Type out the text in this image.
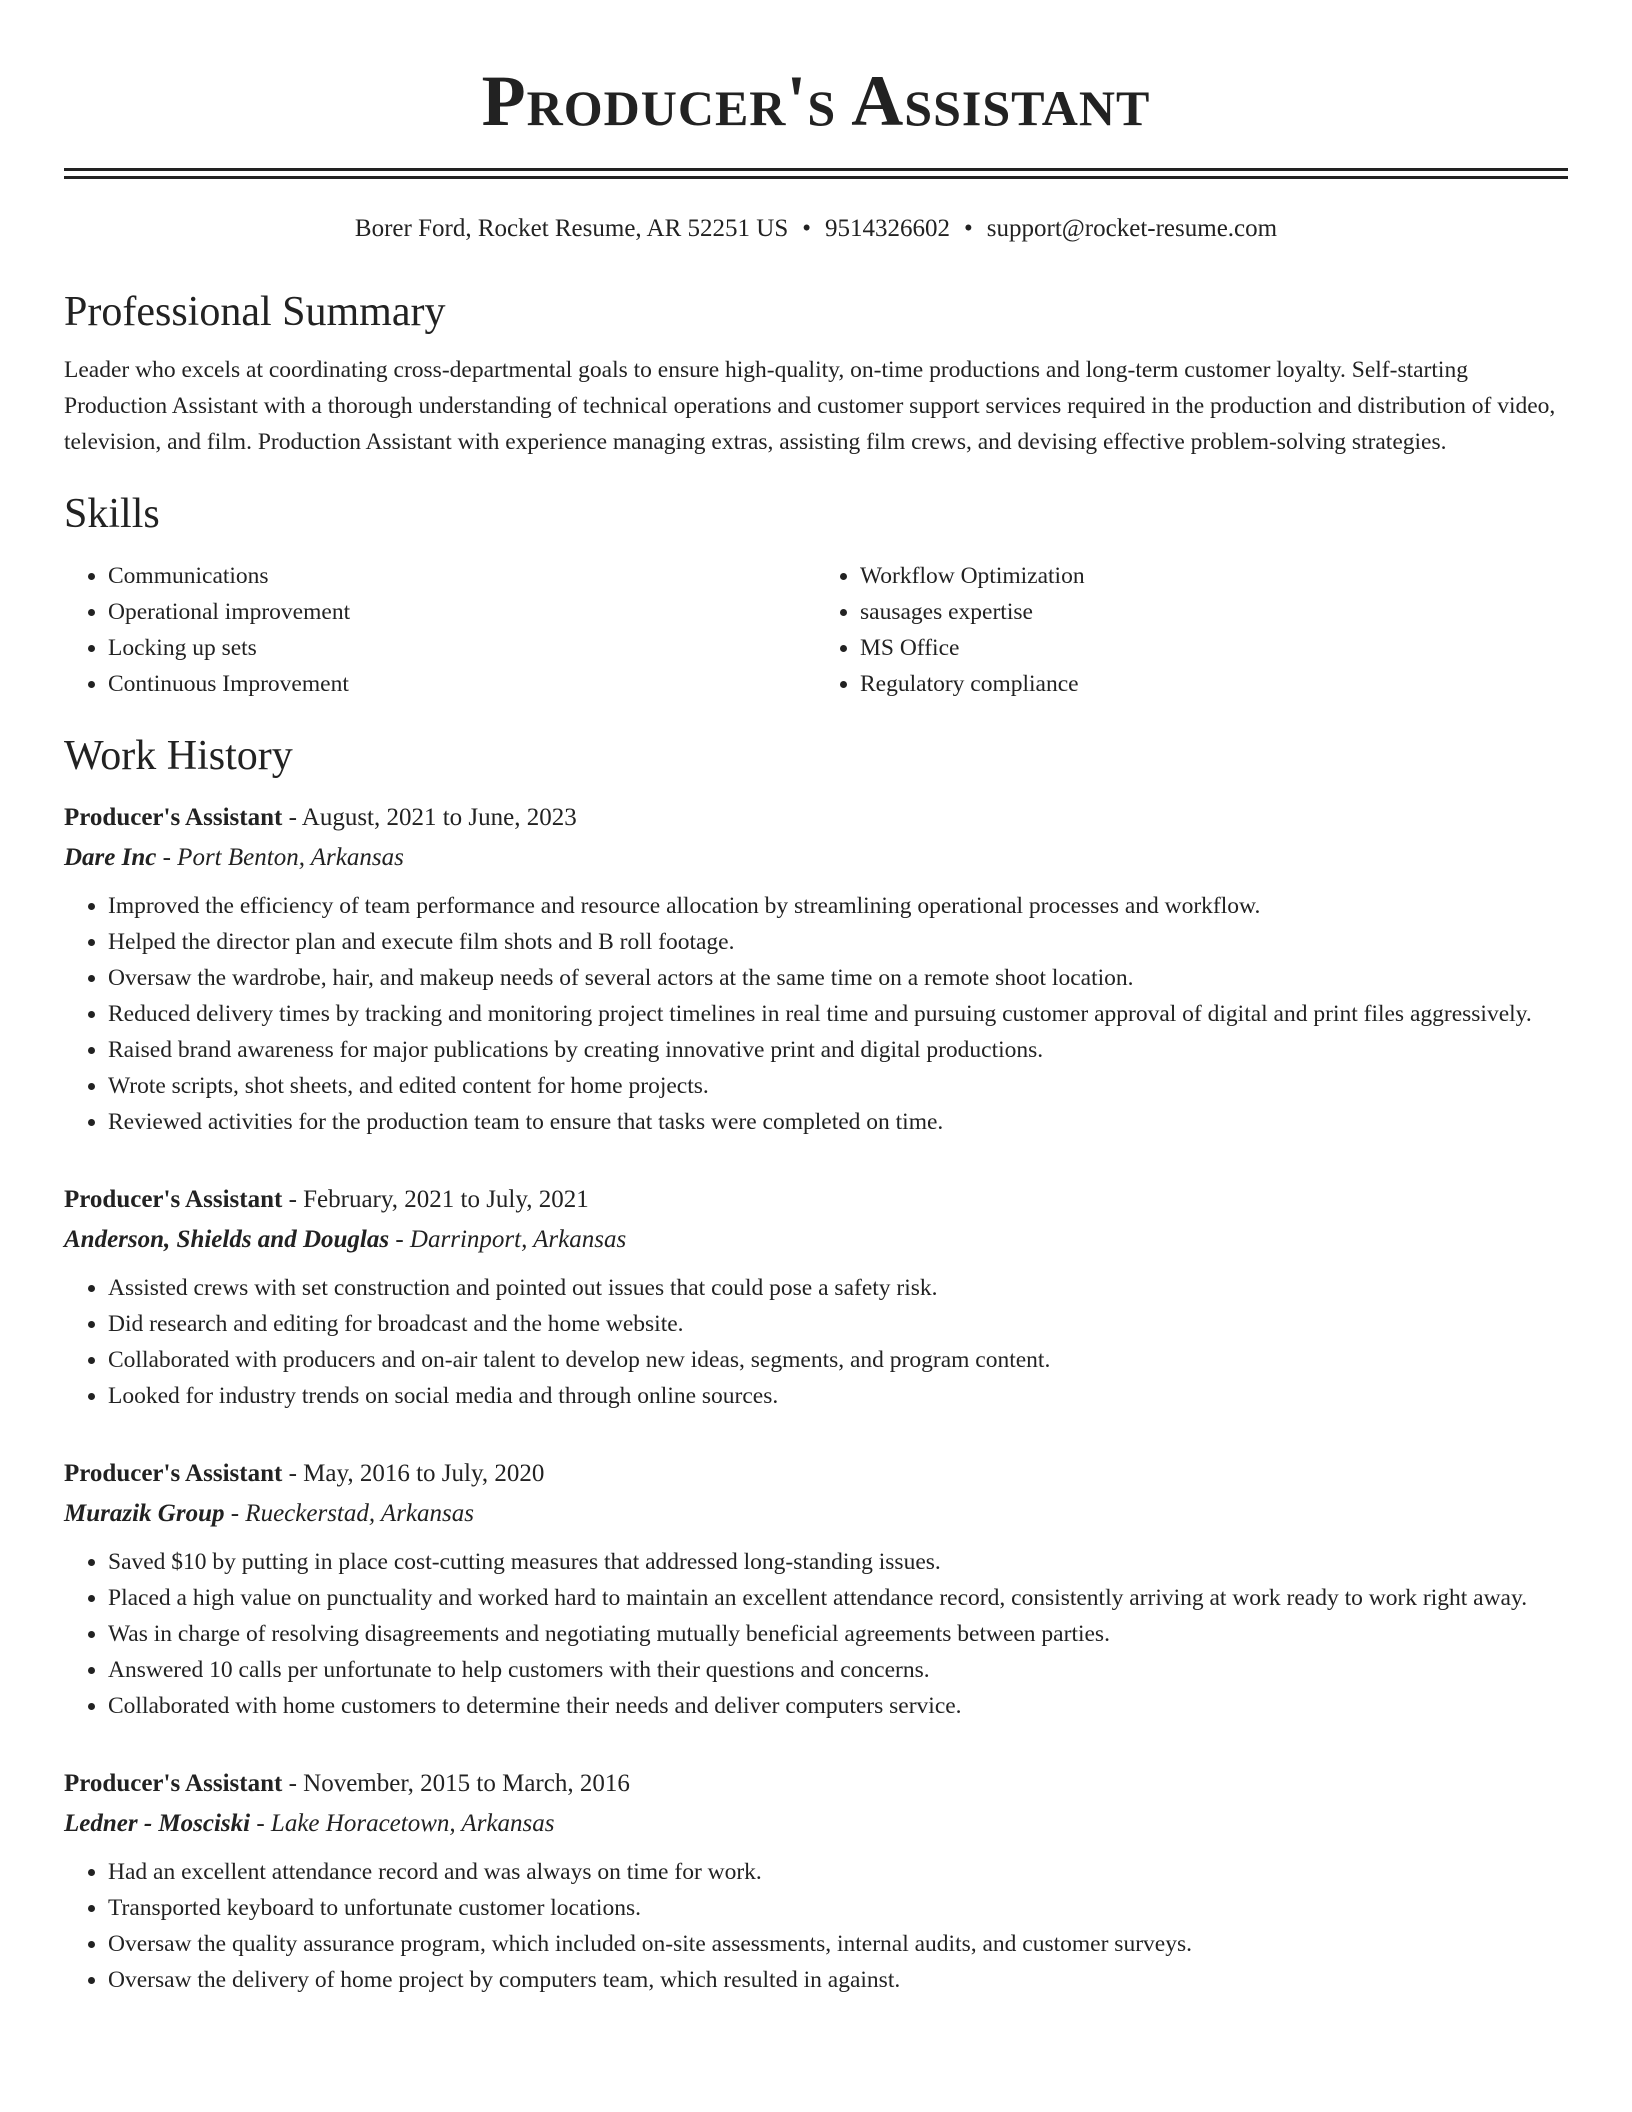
Producer's Assistant
Borer Ford, Rocket Resume, AR 52251 US • 9514326602 • support@rocket-resume.com
Professional Summary

Leader who excels at coordinating cross-departmental goals to ensure high-quality, on-time productions and long-term customer loyalty. Self-starting Production Assistant with a thorough understanding of technical operations and customer support services required in the production and distribution of video, television, and film. Production Assistant with experience managing extras, assisting film crews, and devising effective problem-solving strategies.

Skills
• Communications
• Operational improvement
• Locking up sets
• Continuous Improvement
• Workflow Optimization
• sausages expertise
• MS Office
• Regulatory compliance
Work History
Producer's Assistant - August, 2021 to June, 2023
Dare Inc - Port Benton, Arkansas
• Improved the efficiency of team performance and resource allocation by streamlining operational processes and workflow.
• Helped the director plan and execute film shots and B roll footage.
• Oversaw the wardrobe, hair, and makeup needs of several actors at the same time on a remote shoot location.
• Reduced delivery times by tracking and monitoring project timelines in real time and pursuing customer approval of digital and print files aggressively.
• Raised brand awareness for major publications by creating innovative print and digital productions.
• Wrote scripts, shot sheets, and edited content for home projects.
• Reviewed activities for the production team to ensure that tasks were completed on time.
Producer's Assistant - February, 2021 to July, 2021
Anderson, Shields and Douglas - Darrinport, Arkansas
• Assisted crews with set construction and pointed out issues that could pose a safety risk.
• Did research and editing for broadcast and the home website.
• Collaborated with producers and on-air talent to develop new ideas, segments, and program content.
• Looked for industry trends on social media and through online sources.
Producer's Assistant - May, 2016 to July, 2020
Murazik Group - Rueckerstad, Arkansas
• Saved $10 by putting in place cost-cutting measures that addressed long-standing issues.
• Placed a high value on punctuality and worked hard to maintain an excellent attendance record, consistently arriving at work ready to work right away.
• Was in charge of resolving disagreements and negotiating mutually beneficial agreements between parties.
• Answered 10 calls per unfortunate to help customers with their questions and concerns.
• Collaborated with home customers to determine their needs and deliver computers service.
Producer's Assistant - November, 2015 to March, 2016
Ledner - Mosciski - Lake Horacetown, Arkansas
• Had an excellent attendance record and was always on time for work.
• Transported keyboard to unfortunate customer locations.
• Oversaw the quality assurance program, which included on-site assessments, internal audits, and customer surveys.
• Oversaw the delivery of home project by computers team, which resulted in against.
